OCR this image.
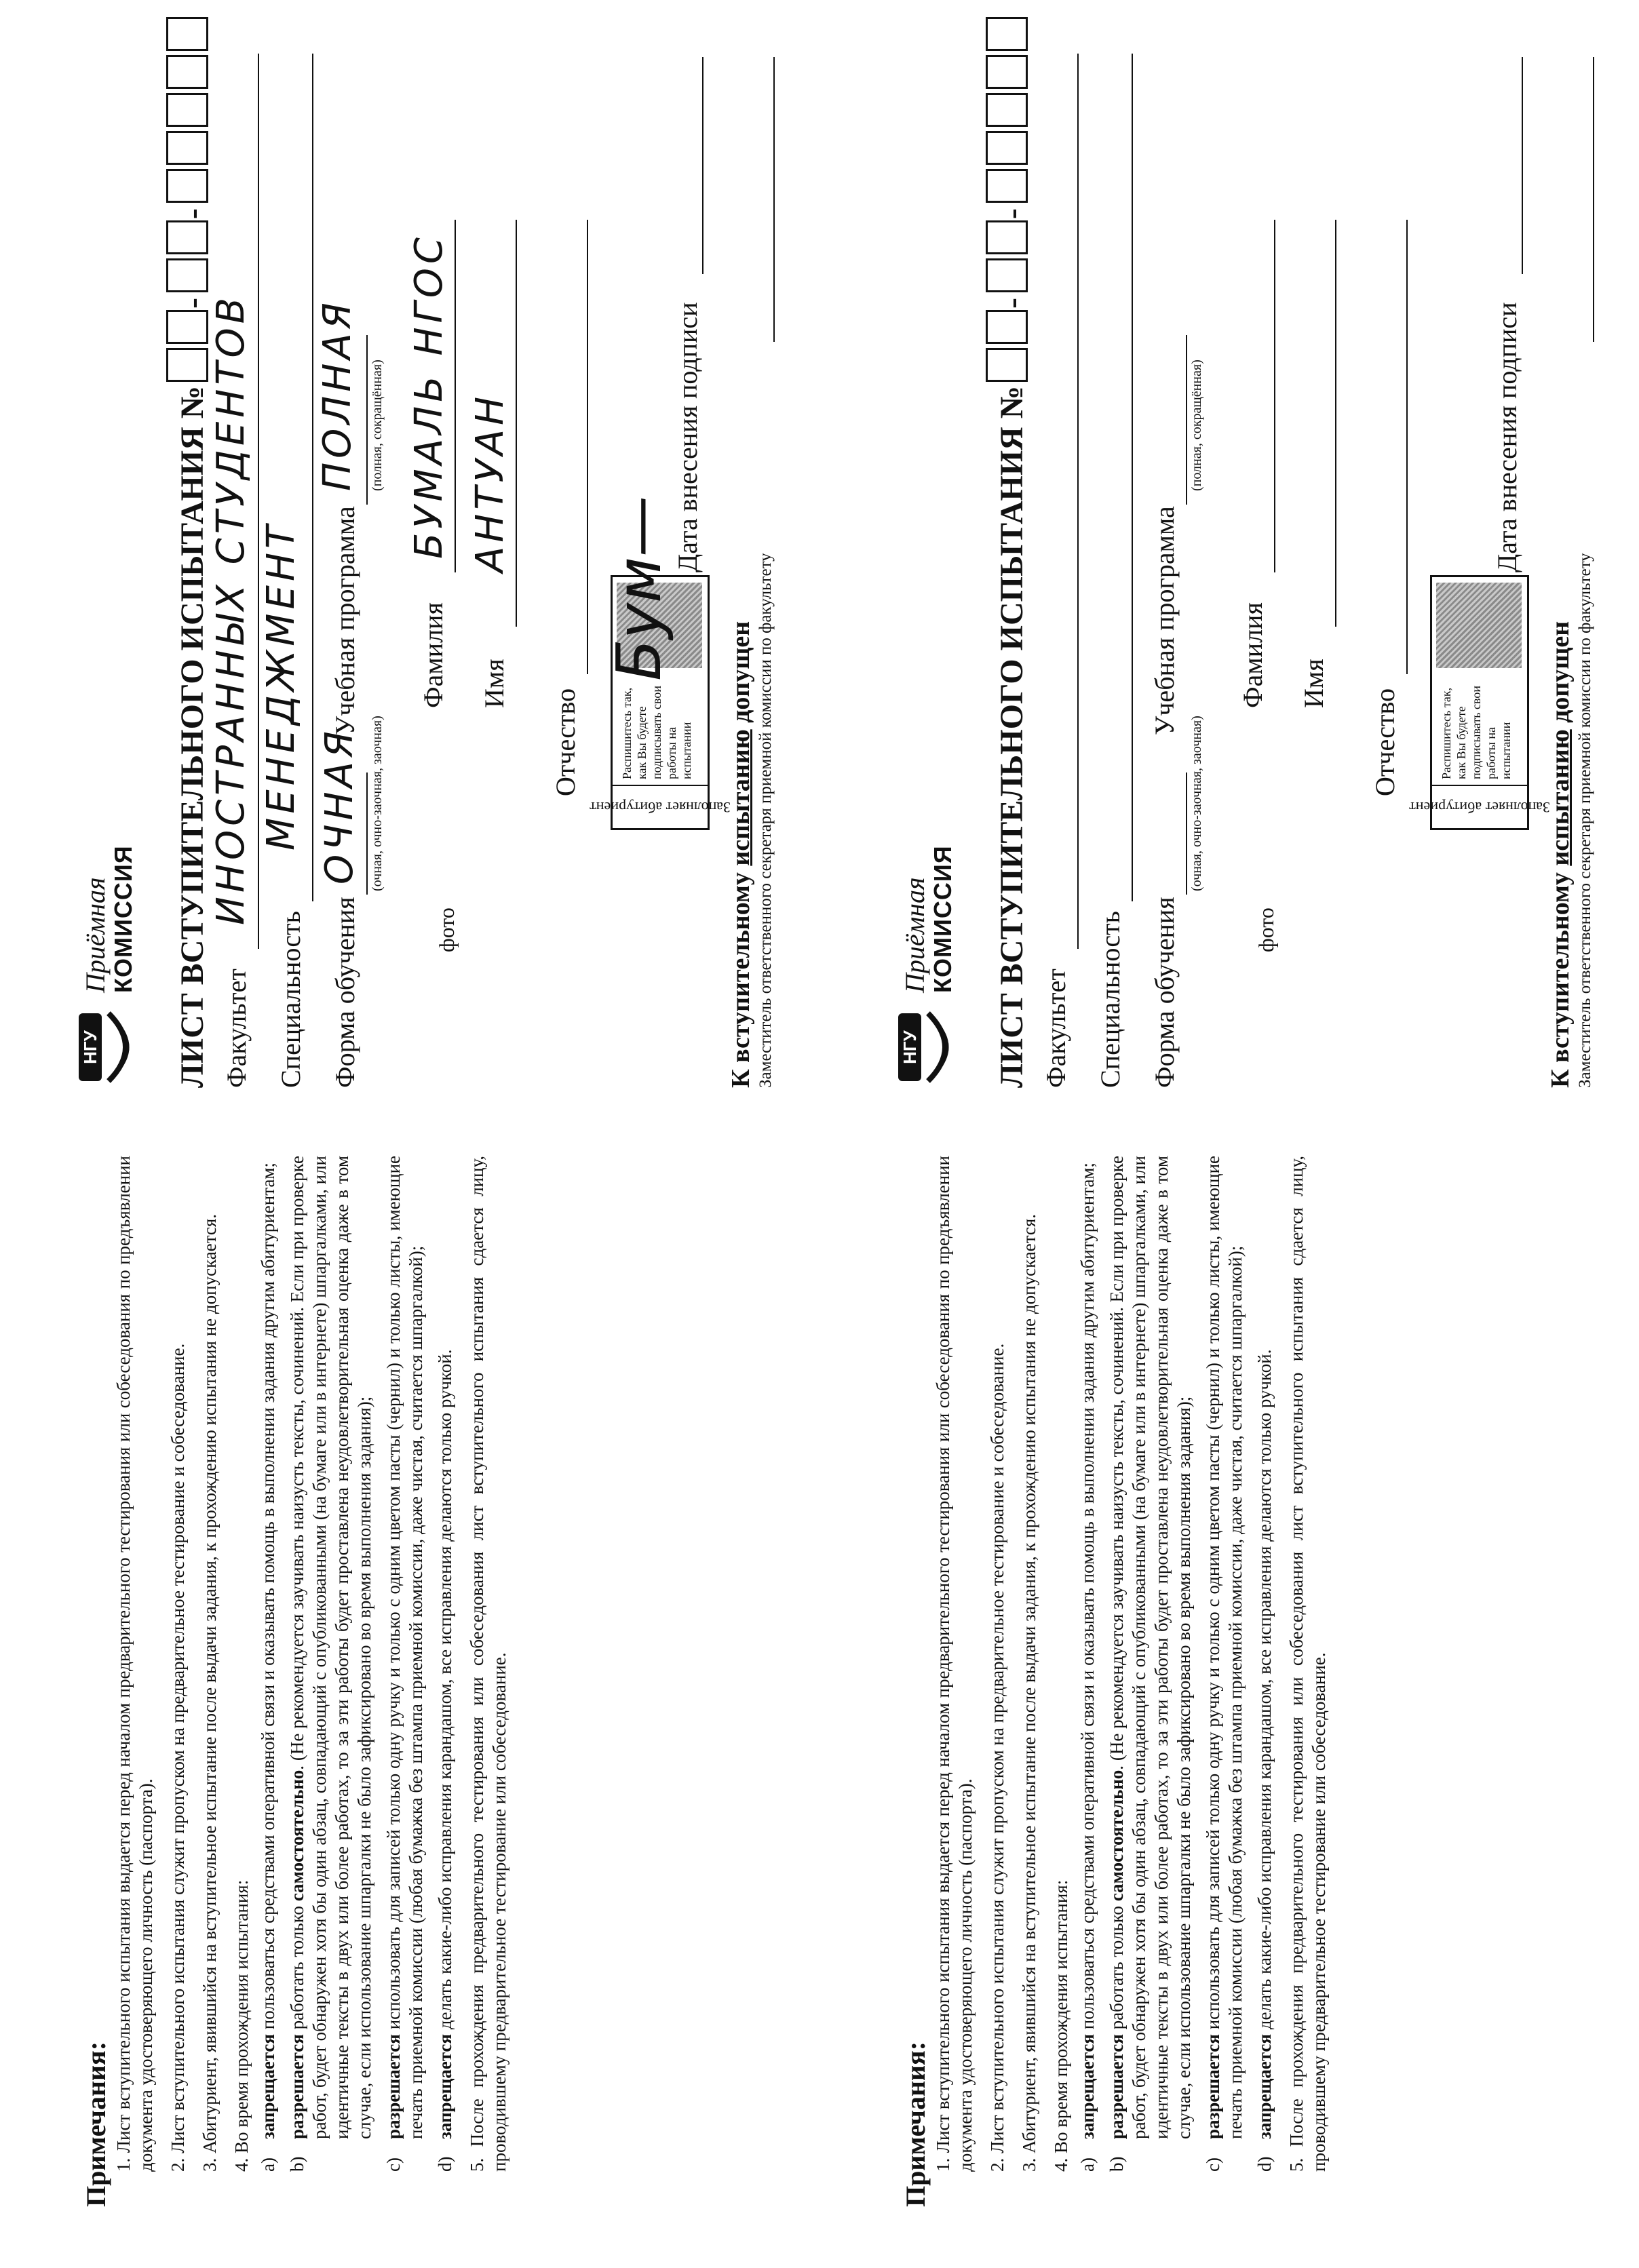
Примечания: 1. Лист вступительного испытания выдается перед началом предварительного тестирования или собеседования по предъявлении документа удостоверяющего личность (паспорта). 2. Лист вступительного испытания служит пропуском на предварительное тестирование и собеседование.
3. Абитуриент, явившийся на вступительное испытание после выдачи задания, к прохождению испытания не допускается.
4. Во время прохождения испытания:
a)
запрещается пользоваться средствами оперативной связи и оказывать помощь в выполнении задания другим абитуриентам;
b)
разрешается работать только самостоятельно. (Не рекомендуется заучивать наизусть тексты, сочинений. Если при проверке работ, будет обнаружен хотя бы один абзац, совпадающий с опубликованными (на бумаге или в интернете) шпаргалками, или идентичные тексты в двух или более работах, то за эти работы будет проставлена неудовлетворительная оценка даже в том случае, если использование шпаргалки не было зафиксировано во время выполнения задания);
c)
разрешается использовать для записей только одну ручку и только с одним цветом пасты (чернил) и только листы, имеющие печать приемной комиссии (любая бумажка без штампа приемной комиссии, даже чистая, считается шпаргалкой);
d)
запрещается делать какие-либо исправления карандашом, все исправления делаются только ручкой.
5. После прохождения предварительного тестирования или собеседования лист вступительного испытания сдается лицу, проводившему предварительное тестирование или собеседование.
НГУ
Приёмная
КОМИССИЯ ЛИСТ ВСТУПИТЕЛЬНОГО ИСПЫТАНИЯ №--
Факультет
ИНОСТРАННЫХ СТУДЕНТОВ
Специальность
МЕНЕДЖМЕНТ
Форма обучения
(очная, очно-заочная, заочная)
ОЧНАЯ
Учебная программа
(полная, сокращённая)
ПОЛНАЯ
фото
Фамилия
БУМАЛЬ НГОС
Имя
АНТУАН
Отчество
Заполняет абитуриент
Распишитесь так, как Вы будете подписывать свои работы на испытании
Бум—
Дата внесения подписи
К вступительному испытанию допущен Заместитель ответственного секретаря приемной комиссии по факультету
Примечания: 1. Лист вступительного испытания выдается перед началом предварительного тестирования или собеседования по предъявлении документа удостоверяющего личность (паспорта). 2. Лист вступительного испытания служит пропуском на предварительное тестирование и собеседование.
3. Абитуриент, явившийся на вступительное испытание после выдачи задания, к прохождению испытания не допускается.
4. Во время прохождения испытания:
a)
запрещается пользоваться средствами оперативной связи и оказывать помощь в выполнении задания другим абитуриентам;
b)
разрешается работать только самостоятельно. (Не рекомендуется заучивать наизусть тексты, сочинений. Если при проверке работ, будет обнаружен хотя бы один абзац, совпадающий с опубликованными (на бумаге или в интернете) шпаргалками, или идентичные тексты в двух или более работах, то за эти работы будет проставлена неудовлетворительная оценка даже в том случае, если использование шпаргалки не было зафиксировано во время выполнения задания);
c)
разрешается использовать для записей только одну ручку и только с одним цветом пасты (чернил) и только листы, имеющие печать приемной комиссии (любая бумажка без штампа приемной комиссии, даже чистая, считается шпаргалкой);
d)
запрещается делать какие-либо исправления карандашом, все исправления делаются только ручкой.
5. После прохождения предварительного тестирования или собеседования лист вступительного испытания сдается лицу, проводившему предварительное тестирование или собеседование.
НГУ
Приёмная
КОМИССИЯ ЛИСТ ВСТУПИТЕЛЬНОГО ИСПЫТАНИЯ №--
Факультет Специальность Форма обучения
(очная, очно-заочная, заочная)
Учебная программа
(полная, сокращённая)
фото
Фамилия Имя
Отчество
Заполняет абитуриент
Распишитесь так, как Вы будете подписывать свои работы на испытании
Дата внесения подписи
К вступительному испытанию допущен Заместитель ответственного секретаря приемной комиссии по факультету
